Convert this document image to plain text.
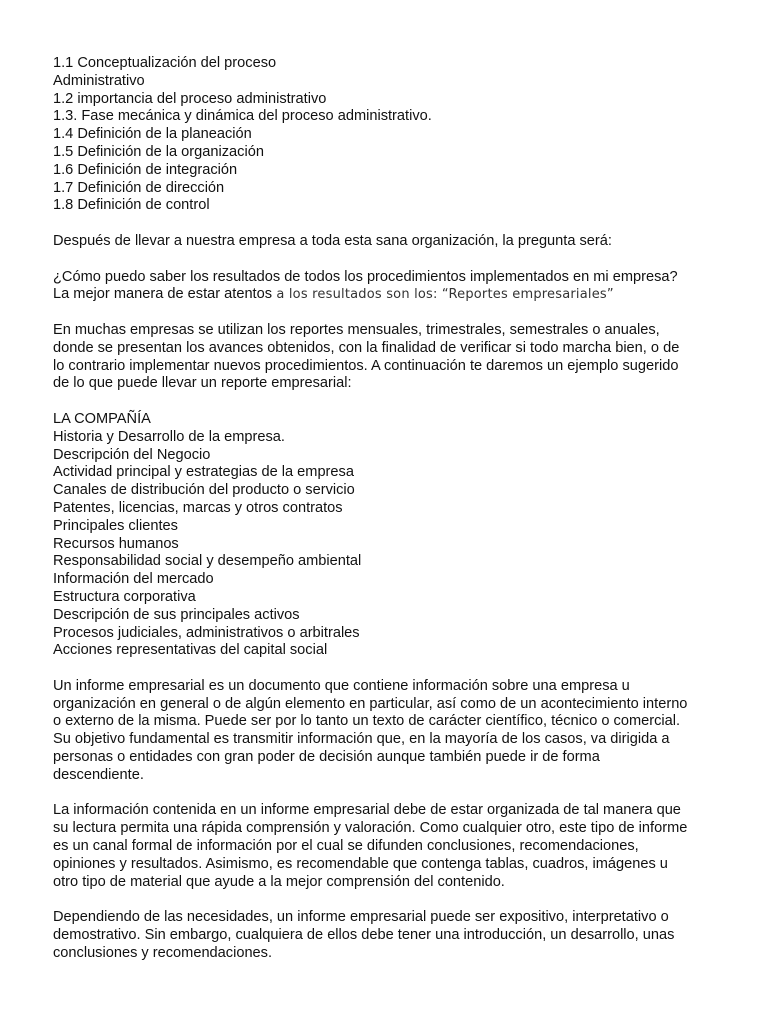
1.1 Conceptualización del proceso
Administrativo
1.2 importancia del proceso administrativo
1.3. Fase mecánica y dinámica del proceso administrativo.
1.4 Definición de la planeación
1.5 Definición de la organización
1.6 Definición de integración
1.7 Definición de dirección
1.8 Definición de control
Después de llevar a nuestra empresa a toda esta sana organización, la pregunta será:
¿Cómo puedo saber los resultados de todos los procedimientos implementados en mi empresa?
La mejor manera de estar atentos a los resultados son los: “Reportes empresariales”
En muchas empresas se utilizan los reportes mensuales, trimestrales, semestrales o anuales,
donde se presentan los avances obtenidos, con la finalidad de verificar si todo marcha bien, o de
lo contrario implementar nuevos procedimientos. A continuación te daremos un ejemplo sugerido
de lo que puede llevar un reporte empresarial:
LA COMPAÑÍA
Historia y Desarrollo de la empresa.
Descripción del Negocio
Actividad principal y estrategias de la empresa
Canales de distribución del producto o servicio
Patentes, licencias, marcas y otros contratos
Principales clientes
Recursos humanos
Responsabilidad social y desempeño ambiental
Información del mercado
Estructura corporativa
Descripción de sus principales activos
Procesos judiciales, administrativos o arbitrales
Acciones representativas del capital social
Un informe empresarial es un documento que contiene información sobre una empresa u
organización en general o de algún elemento en particular, así como de un acontecimiento interno
o externo de la misma. Puede ser por lo tanto un texto de carácter científico, técnico o comercial.
Su objetivo fundamental es transmitir información que, en la mayoría de los casos, va dirigida a
personas o entidades con gran poder de decisión aunque también puede ir de forma
descendiente.
La información contenida en un informe empresarial debe de estar organizada de tal manera que
su lectura permita una rápida comprensión y valoración. Como cualquier otro, este tipo de informe
es un canal formal de información por el cual se difunden conclusiones, recomendaciones,
opiniones y resultados. Asimismo, es recomendable que contenga tablas, cuadros, imágenes u
otro tipo de material que ayude a la mejor comprensión del contenido.
Dependiendo de las necesidades, un informe empresarial puede ser expositivo, interpretativo o
demostrativo. Sin embargo, cualquiera de ellos debe tener una introducción, un desarrollo, unas
conclusiones y recomendaciones.
